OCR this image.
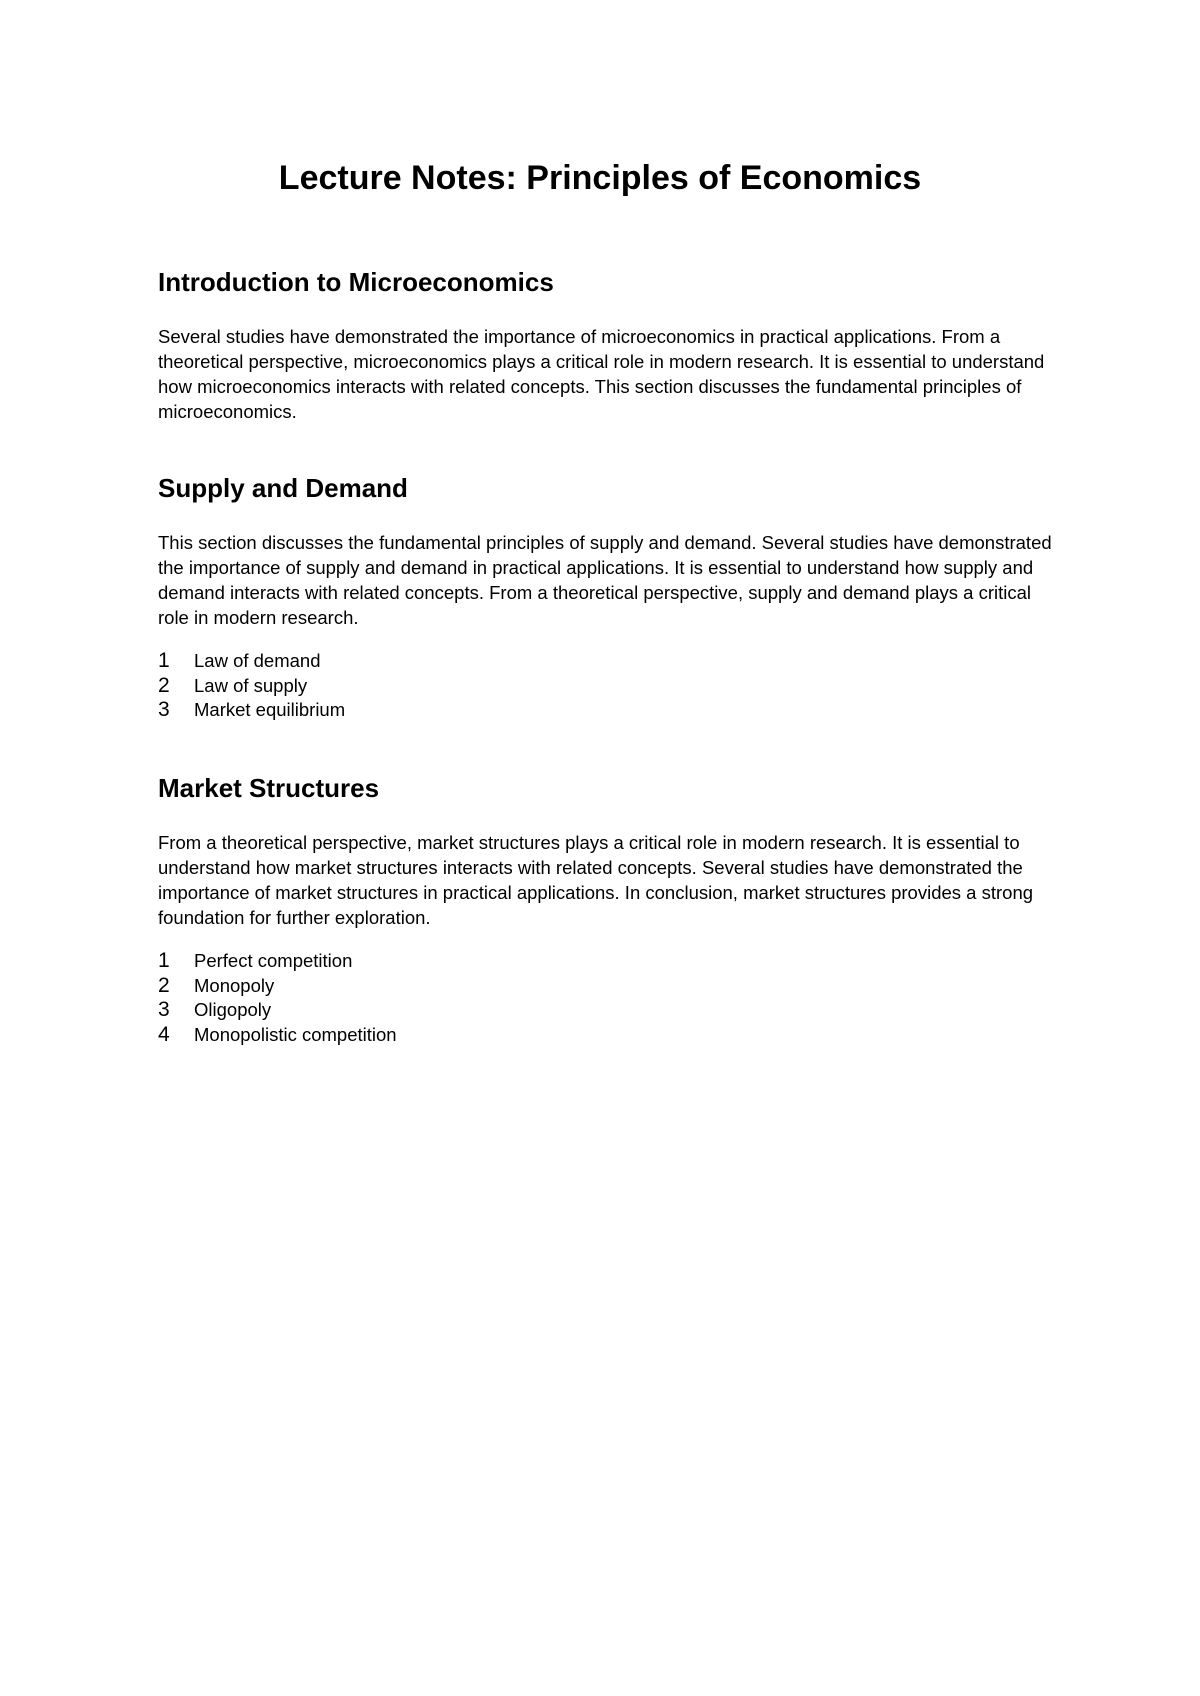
Lecture Notes: Principles of Economics
Introduction to Microeconomics

Several studies have demonstrated the importance of microeconomics in practical applications. From a theoretical perspective, microeconomics plays a critical role in modern research. It is essential to understand how microeconomics interacts with related concepts. This section discusses the fundamental principles of microeconomics.

Supply and Demand

This section discusses the fundamental principles of supply and demand. Several studies have demonstrated the importance of supply and demand in practical applications. It is essential to understand how supply and demand interacts with related concepts. From a theoretical perspective, supply and demand plays a critical role in modern research.

1	Law of demand
2	Law of supply
3	Market equilibrium
Market Structures

From a theoretical perspective, market structures plays a critical role in modern research. It is essential to understand how market structures interacts with related concepts. Several studies have demonstrated the importance of market structures in practical applications. In conclusion, market structures provides a strong foundation for further exploration.

1	Perfect competition
2	Monopoly
3	Oligopoly
4	Monopolistic competition
